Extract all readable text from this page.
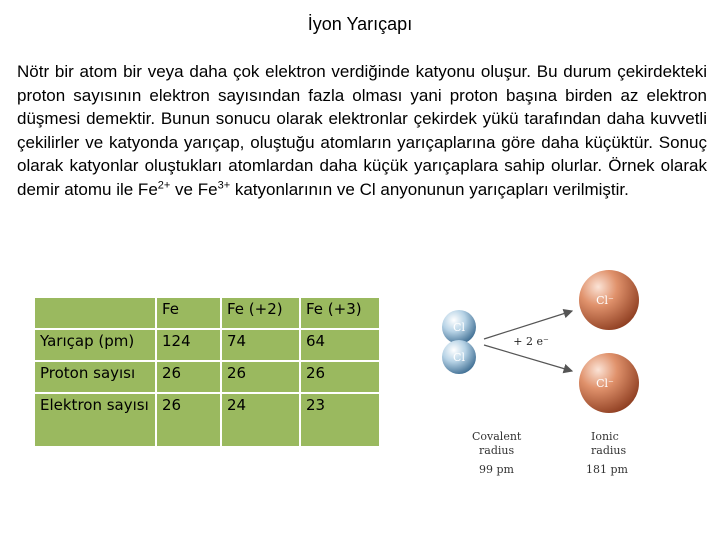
İyon Yarıçapı
Nötr bir atom bir veya daha çok elektron verdiğinde katyonu oluşur. Bu durum çekirdekteki proton sayısının elektron sayısından fazla olması yani proton başına birden az elektron düşmesi demektir. Bunun sonucu olarak elektronlar çekirdek yükü tarafından daha kuvvetli çekilirler ve katyonda yarıçap, oluştuğu atomların yarıçaplarına göre daha küçüktür. Sonuç olarak katyonlar oluştukları atomlardan daha küçük yarıçaplara sahip olurlar. Örnek olarak demir atomu ile $Fe^{2+}$ ve $Fe^{3+}$ katyonlarının ve Cl anyonunun yarıçapları verilmiştir.
	Fe	Fe (+2)	Fe (+3)
Yarıçap (pm)	124	74	64
Proton sayısı	26	26	26
Elektron sayısı	26	24	23
Cl
Cl
+ 2 e⁻
Cl⁻
Cl⁻
Covalent
radius
99 pm
Ionic
radius
181 pm
